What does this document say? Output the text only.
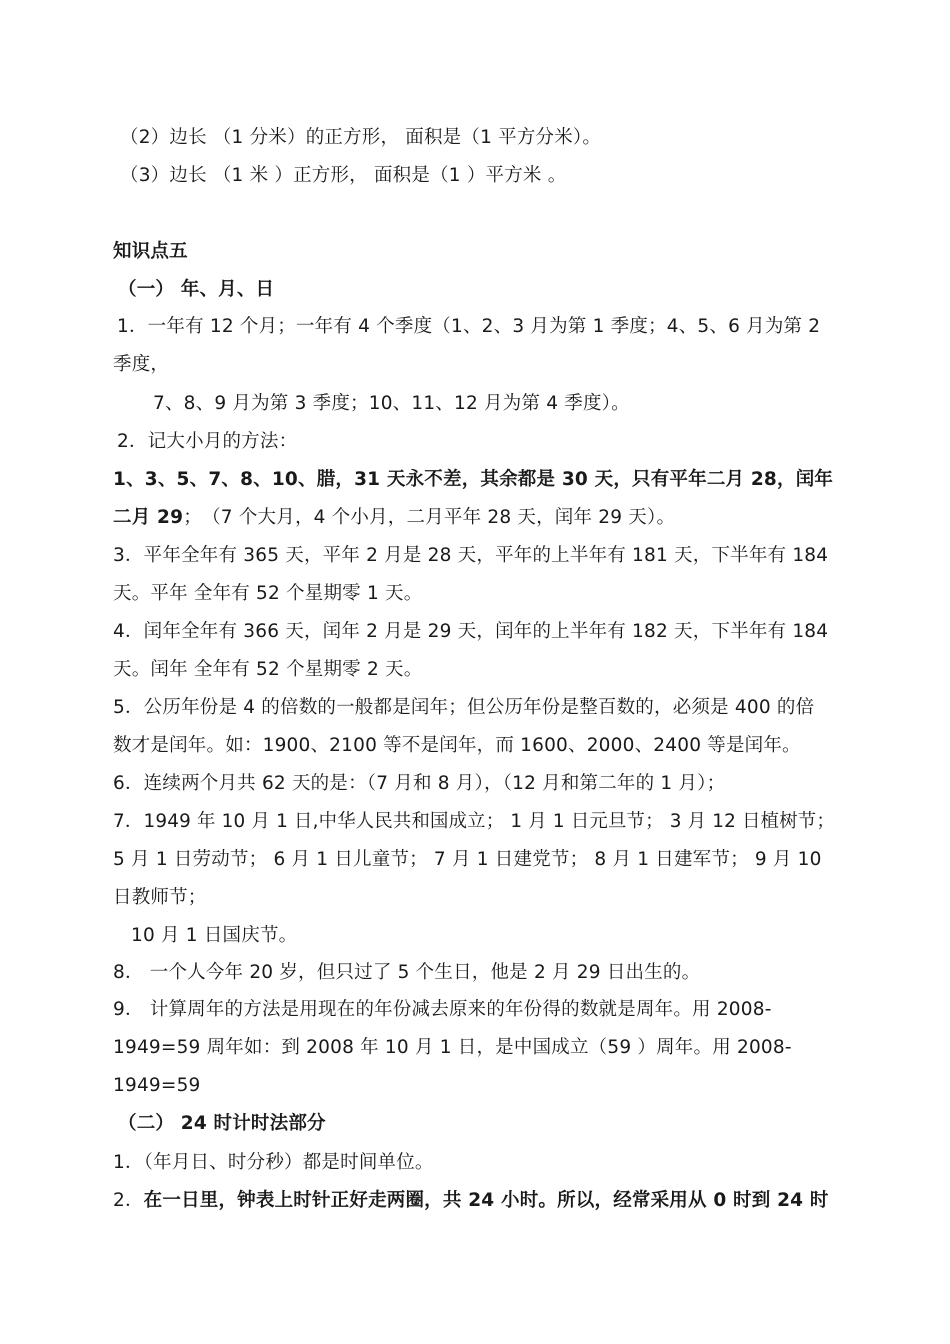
（2）边长 （1 分米）的正方形， 面积是（1 平方分米）。
（3）边长 （1 米 ）正方形， 面积是（1 ）平方米 。
知识点五
（一） 年、月、日
1．一年有 12 个月；一年有 4 个季度（1、2、3 月为第 1 季度；4、5、6 月为第 2
季度，
7、8、9 月为第 3 季度；10、11、12 月为第 4 季度）。
2．记大小月的方法：
1、3、5、7、8、10、腊，31 天永不差，其余都是 30 天，只有平年二月 28，闰年
二月 29；　（7 个大月，4 个小月，二月平年 28 天，闰年 29 天）。
3．平年全年有 365 天，平年 2 月是 28 天，平年的上半年有 181 天，下半年有 184
天。平年 全年有 52 个星期零 1 天。
4．闰年全年有 366 天，闰年 2 月是 29 天，闰年的上半年有 182 天，下半年有 184
天。闰年 全年有 52 个星期零 2 天。
5．公历年份是 4 的倍数的一般都是闰年；但公历年份是整百数的，必须是 400 的倍
数才是闰年。如：1900、2100 等不是闰年，而 1600、2000、2400 等是闰年。
6．连续两个月共 62 天的是：（7 月和 8 月），（12 月和第二年的 1 月）；
7．1949 年 10 月 1 日,中华人民共和国成立； 1 月 1 日元旦节； 3 月 12 日植树节；
5 月 1 日劳动节； 6 月 1 日儿童节； 7 月 1 日建党节； 8 月 1 日建军节； 9 月 10
日教师节；
10 月 1 日国庆节。
8． 一个人今年 20 岁，但只过了 5 个生日，他是 2 月 29 日出生的。
9． 计算周年的方法是用现在的年份减去原来的年份得的数就是周年。用 2008-
1949=59 周年如：到 2008 年 10 月 1 日，是中国成立（59 ）周年。用 2008-
1949=59
（二） 24 时计时法部分
1．（年月日、时分秒）都是时间单位。
2．在一日里，钟表上时针正好走两圈，共 24 小时。所以，经常采用从 0 时到 24 时
